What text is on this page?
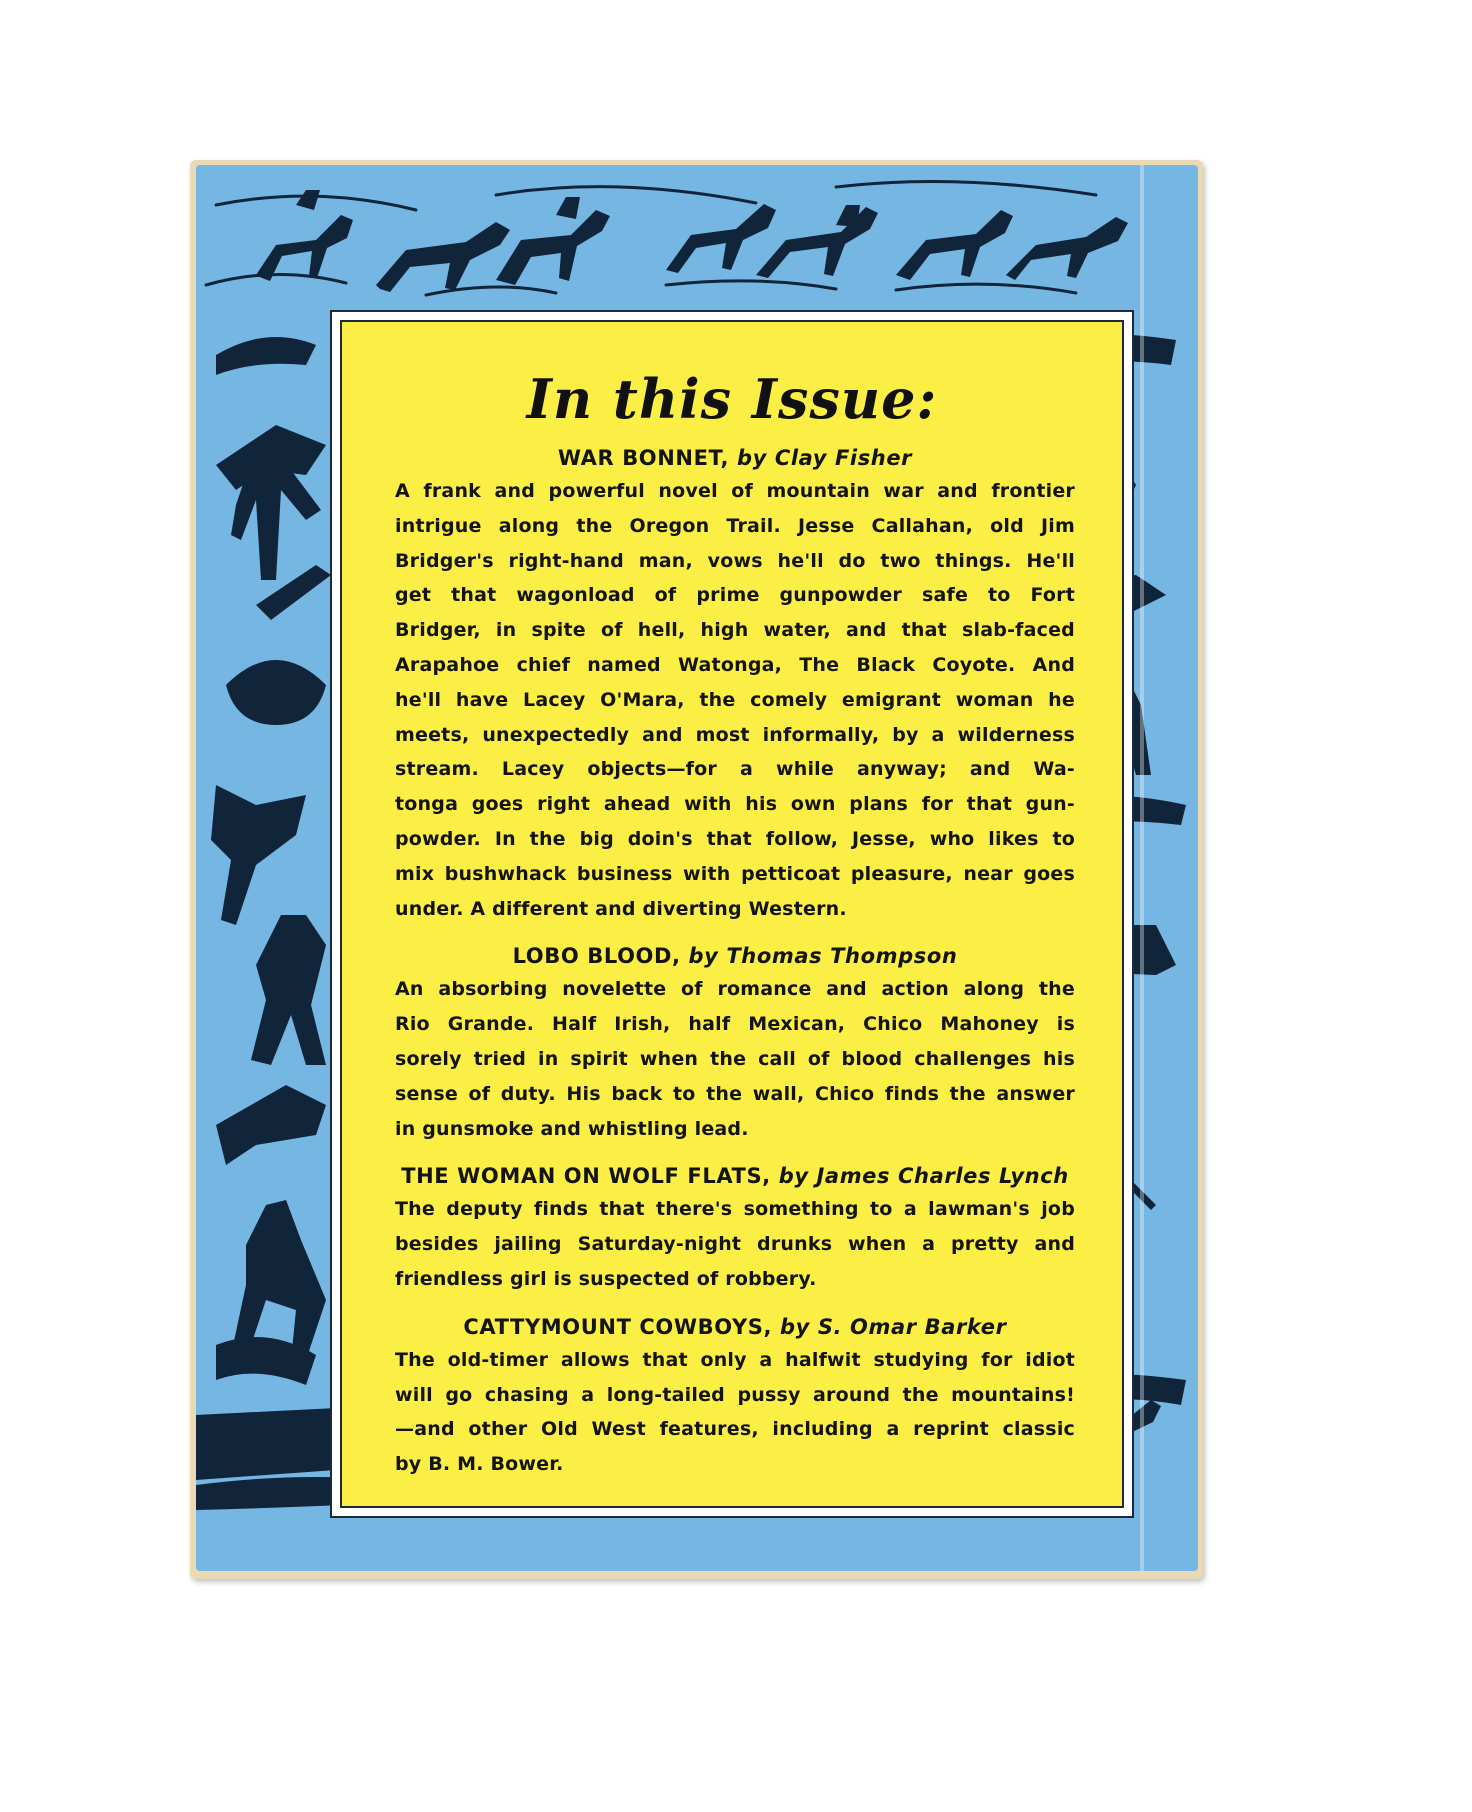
In this Issue:
WAR BONNET, by Clay Fisher
A frank and powerful novel of mountain war and frontier
intrigue along the Oregon Trail. Jesse Callahan, old Jim
Bridger's right-hand man, vows he'll do two things. He'll
get that wagonload of prime gunpowder safe to Fort
Bridger, in spite of hell, high water, and that slab-faced
Arapahoe chief named Watonga, The Black Coyote. And
he'll have Lacey O'Mara, the comely emigrant woman he
meets, unexpectedly and most informally, by a wilderness
stream. Lacey objects—for a while anyway; and Wa-
tonga goes right ahead with his own plans for that gun-
powder. In the big doin's that follow, Jesse, who likes to
mix bushwhack business with petticoat pleasure, near goes
under. A different and diverting Western.
LOBO BLOOD, by Thomas Thompson
An absorbing novelette of romance and action along the
Rio Grande. Half Irish, half Mexican, Chico Mahoney is
sorely tried in spirit when the call of blood challenges his
sense of duty. His back to the wall, Chico finds the answer
in gunsmoke and whistling lead.
THE WOMAN ON WOLF FLATS, by James Charles Lynch
The deputy finds that there's something to a lawman's job
besides jailing Saturday-night drunks when a pretty and
friendless girl is suspected of robbery.
CATTYMOUNT COWBOYS, by S. Omar Barker
The old-timer allows that only a halfwit studying for idiot
will go chasing a long-tailed pussy around the mountains!
—and other Old West features, including a reprint classic
by B. M. Bower.
